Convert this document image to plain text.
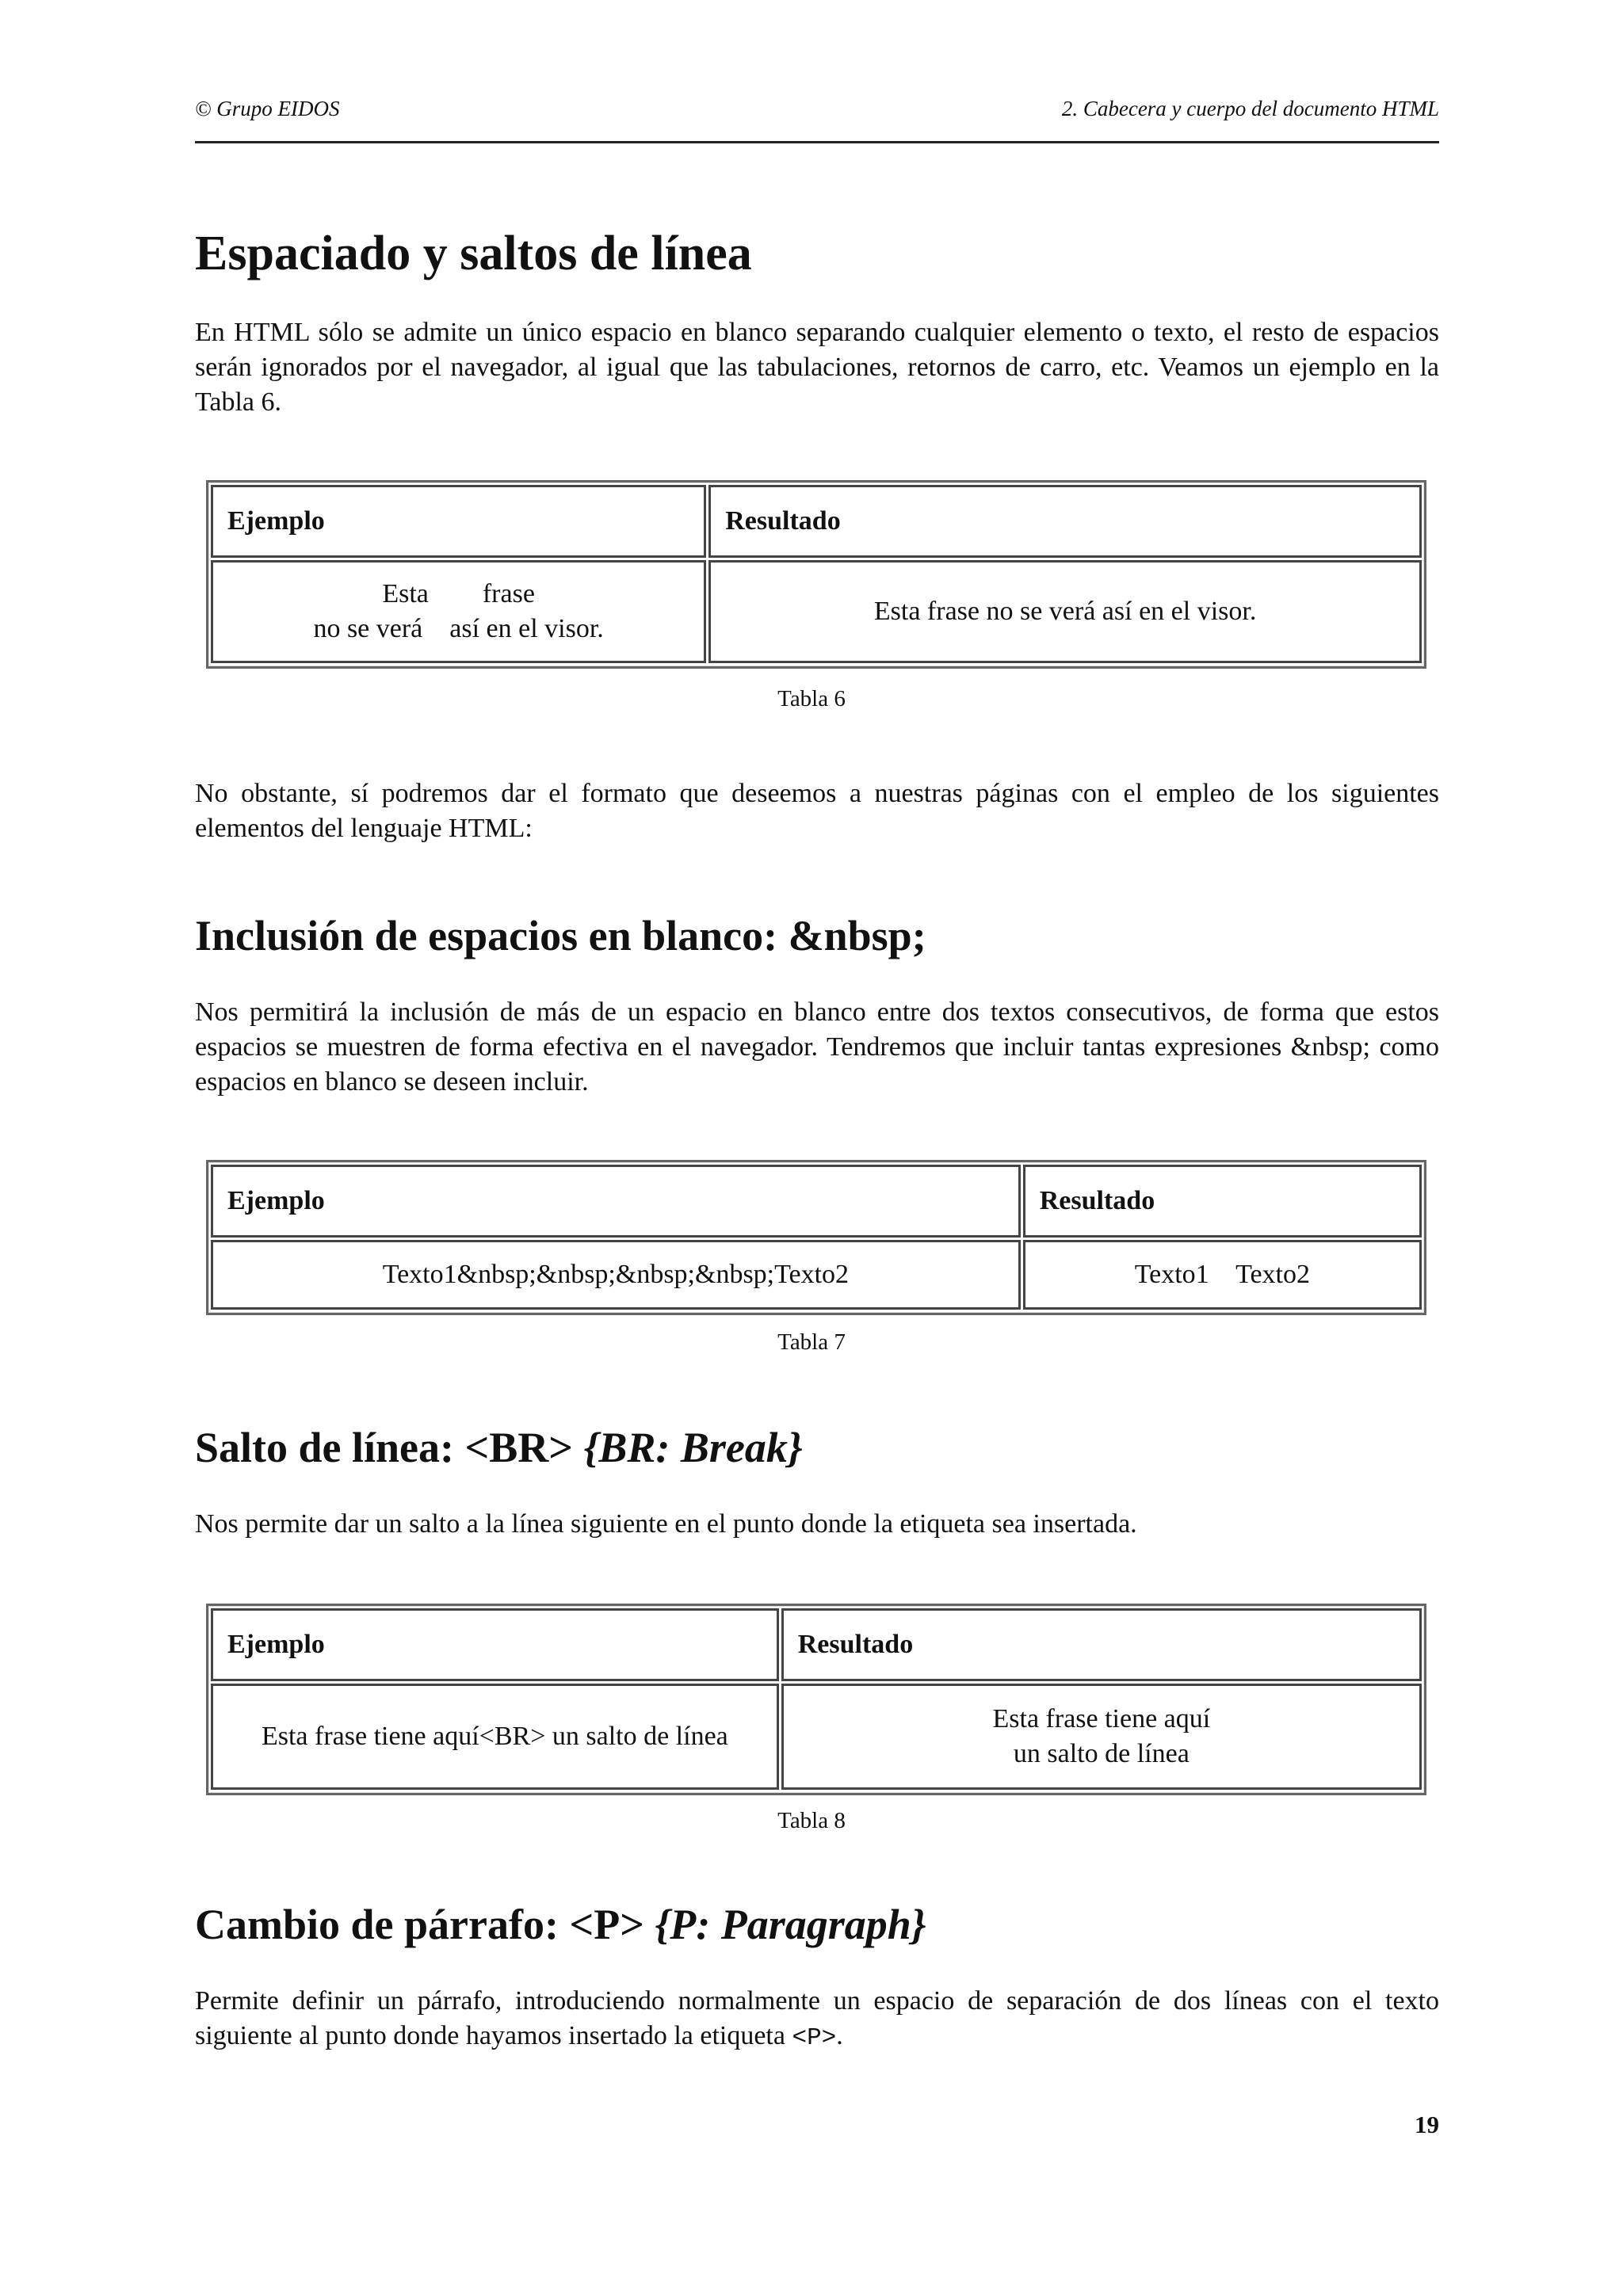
© Grupo EIDOS	2. Cabecera y cuerpo del documento HTML
Espaciado y saltos de línea

En HTML sólo se admite un único espacio en blanco separando cualquier elemento o texto, el resto de espacios serán ignorados por el navegador, al igual que las tabulaciones, retornos de carro, etc. Veamos un ejemplo en la Tabla 6.

Ejemplo	Resultado

Esta        frase
no se verá    así en el visor.	Esta frase no se verá así en el visor.
Tabla 6

No obstante, sí podremos dar el formato que deseemos a nuestras páginas con el empleo de los siguientes elementos del lenguaje HTML:

Inclusión de espacios en blanco: &nbsp;

Nos permitirá la inclusión de más de un espacio en blanco entre dos textos consecutivos, de forma que estos espacios se muestren de forma efectiva en el navegador. Tendremos que incluir tantas expresiones &nbsp; como espacios en blanco se deseen incluir.

Ejemplo	Resultado
Texto1&nbsp;&nbsp;&nbsp;&nbsp;Texto2	Texto1    Texto2
Tabla 7
Salto de línea: <BR> {BR: Break}

Nos permite dar un salto a la línea siguiente en el punto donde la etiqueta sea insertada.

Ejemplo	Resultado
Esta frase tiene aquí<BR> un salto de línea	Esta frase tiene aquí
un salto de línea
Tabla 8
Cambio de párrafo: <P> {P: Paragraph}

Permite definir un párrafo, introduciendo normalmente un espacio de separación de dos líneas con el texto siguiente al punto donde hayamos insertado la etiqueta <P>.

19
